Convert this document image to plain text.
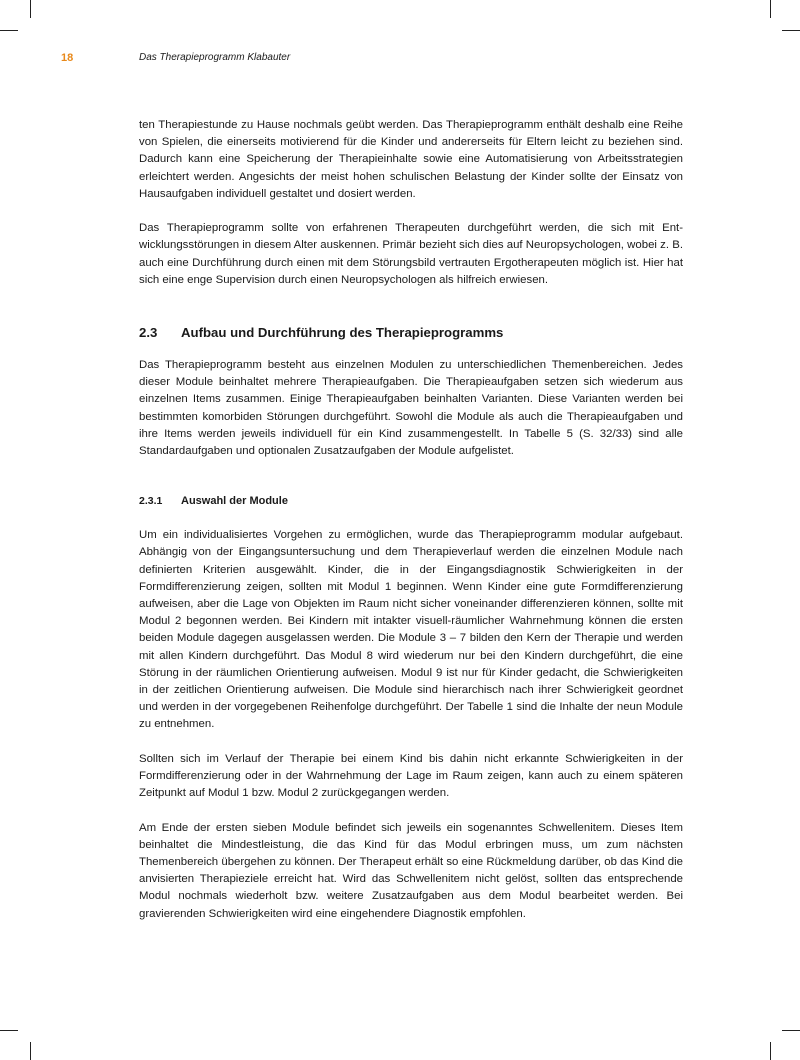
18	Das Therapieprogramm Klabauter

ten Therapiestunde zu Hause nochmals geübt werden. Das Therapieprogramm enthält deshalb eine Reihe von Spielen, die einerseits motivierend für die Kinder und andererseits für Eltern leicht zu beziehen sind. Dadurch kann eine Speicherung der Therapieinhalte sowie eine Automatisierung von Arbeitsstrategien erleichtert werden. Angesichts der meist hohen schulischen Belastung der Kinder sollte der Einsatz von Hausaufgaben individuell gestaltet und dosiert werden.

Das Therapieprogramm sollte von erfahrenen Therapeuten durchgeführt werden, die sich mit Entwicklungsstörungen in diesem Alter auskennen. Primär bezieht sich dies auf Neuropsychologen, wobei z. B. auch eine Durchführung durch einen mit dem Störungsbild vertrauten Ergotherapeuten möglich ist. Hier hat sich eine enge Supervision durch einen Neuropsychologen als hilfreich erwiesen.

2.3	Aufbau und Durchführung des Therapieprogramms

Das Therapieprogramm besteht aus einzelnen Modulen zu unterschiedlichen Themenbereichen. Jedes dieser Module beinhaltet mehrere Therapieaufgaben. Die Therapieaufgaben setzen sich wiederum aus einzelnen Items zusammen. Einige Therapieaufgaben beinhalten Varianten. Diese Varianten werden bei bestimmten komorbiden Störungen durchgeführt. Sowohl die Module als auch die Therapieaufgaben und ihre Items werden jeweils individuell für ein Kind zusammengestellt. In Tabelle 5 (S. 32/33) sind alle Standardaufgaben und optionalen Zusatzaufgaben der Module aufgelistet.

2.3.1	Auswahl der Module

Um ein individualisiertes Vorgehen zu ermöglichen, wurde das Therapieprogramm modular aufgebaut. Abhängig von der Eingangsuntersuchung und dem Therapieverlauf werden die einzelnen Module nach definierten Kriterien ausgewählt. Kinder, die in der Eingangsdiagnostik Schwierigkeiten in der Formdifferenzierung zeigen, sollten mit Modul 1 beginnen. Wenn Kinder eine gute Formdifferenzierung aufweisen, aber die Lage von Objekten im Raum nicht sicher voneinander differenzieren können, sollte mit Modul 2 begonnen werden. Bei Kindern mit intakter visuell-räumlicher Wahrnehmung können die ersten beiden Module dagegen ausgelassen werden. Die Module 3 – 7 bilden den Kern der Therapie und werden mit allen Kindern durchgeführt. Das Modul 8 wird wiederum nur bei den Kindern durchgeführt, die eine Störung in der räumlichen Orientierung aufweisen. Modul 9 ist nur für Kinder gedacht, die Schwierigkeiten in der zeitlichen Orientierung aufweisen. Die Module sind hierarchisch nach ihrer Schwierigkeit geordnet und werden in der vorgegebenen Reihenfolge durchgeführt. Der Tabelle 1 sind die Inhalte der neun Module zu entnehmen.

Sollten sich im Verlauf der Therapie bei einem Kind bis dahin nicht erkannte Schwierigkeiten in der Formdifferenzierung oder in der Wahrnehmung der Lage im Raum zeigen, kann auch zu einem späteren Zeitpunkt auf Modul 1 bzw. Modul 2 zurückgegangen werden.

Am Ende der ersten sieben Module befindet sich jeweils ein sogenanntes Schwellenitem. Dieses Item beinhaltet die Mindestleistung, die das Kind für das Modul erbringen muss, um zum nächsten Themenbereich übergehen zu können. Der Therapeut erhält so eine Rückmeldung darüber, ob das Kind die anvisierten Therapieziele erreicht hat. Wird das Schwellenitem nicht gelöst, sollten das entsprechende Modul nochmals wiederholt bzw. weitere Zusatzaufgaben aus dem Modul bearbeitet werden. Bei gravierenden Schwierigkeiten wird eine eingehendere Diagnostik empfohlen.
